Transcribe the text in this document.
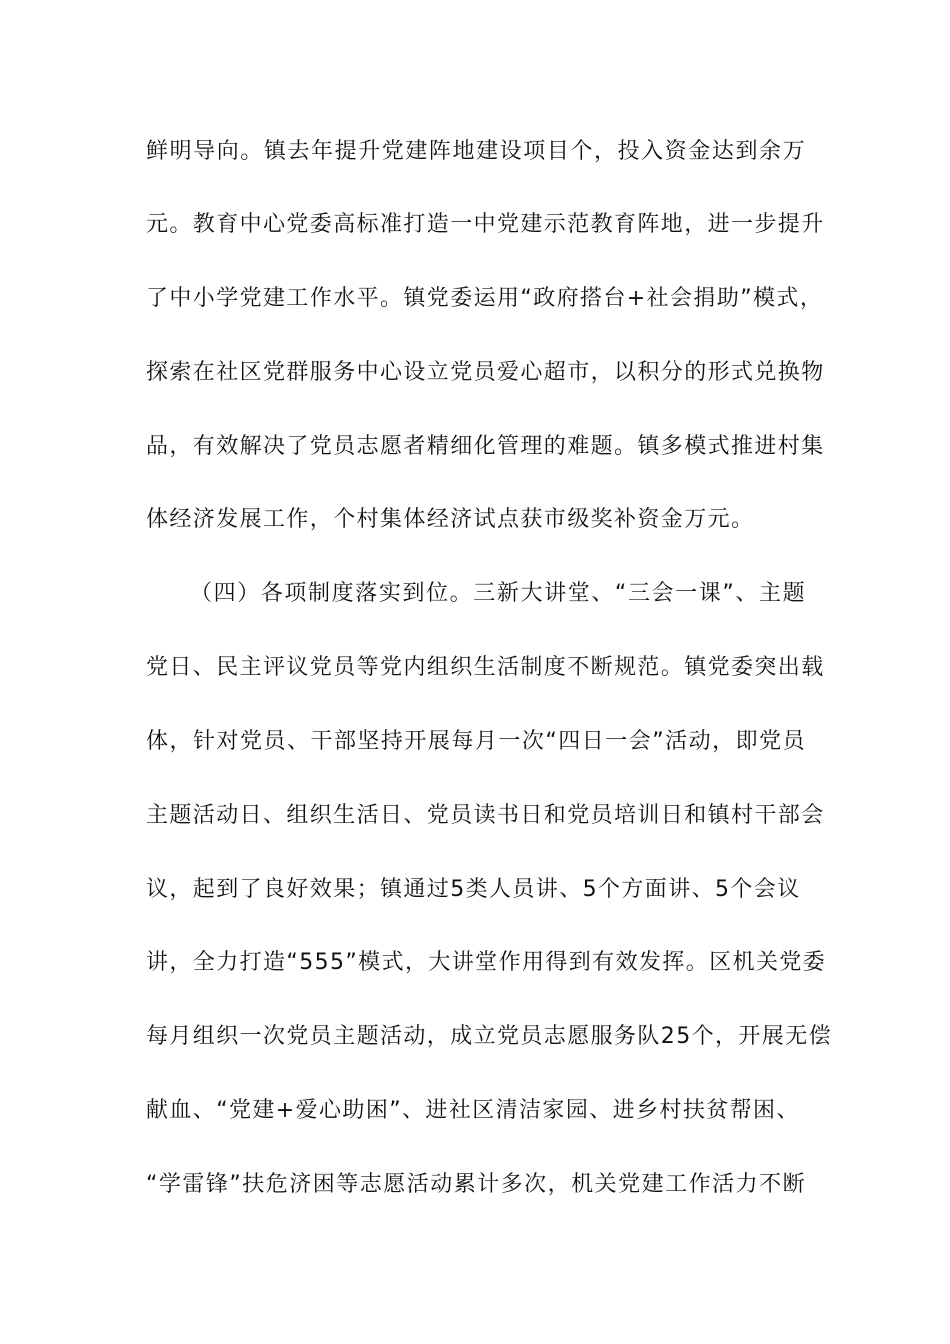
鲜明导向。镇去年提升党建阵地建设项目个，投入资金达到余万
元。教育中心党委高标准打造一中党建示范教育阵地，进一步提升
了中小学党建工作水平。镇党委运用“政府搭台+社会捐助”模式，
探索在社区党群服务中心设立党员爱心超市，以积分的形式兑换物
品，有效解决了党员志愿者精细化管理的难题。镇多模式推进村集
体经济发展工作，个村集体经济试点获市级奖补资金万元。
（四）各项制度落实到位。三新大讲堂、“三会一课”、主题
党日、民主评议党员等党内组织生活制度不断规范。镇党委突出载
体，针对党员、干部坚持开展每月一次“四日一会”活动，即党员
主题活动日、组织生活日、党员读书日和党员培训日和镇村干部会
议，起到了良好效果；镇通过5类人员讲、5个方面讲、5个会议
讲，全力打造“555”模式，大讲堂作用得到有效发挥。区机关党委
每月组织一次党员主题活动，成立党员志愿服务队25个，开展无偿
献血、“党建+爱心助困”、进社区清洁家园、进乡村扶贫帮困、
“学雷锋”扶危济困等志愿活动累计多次，机关党建工作活力不断
